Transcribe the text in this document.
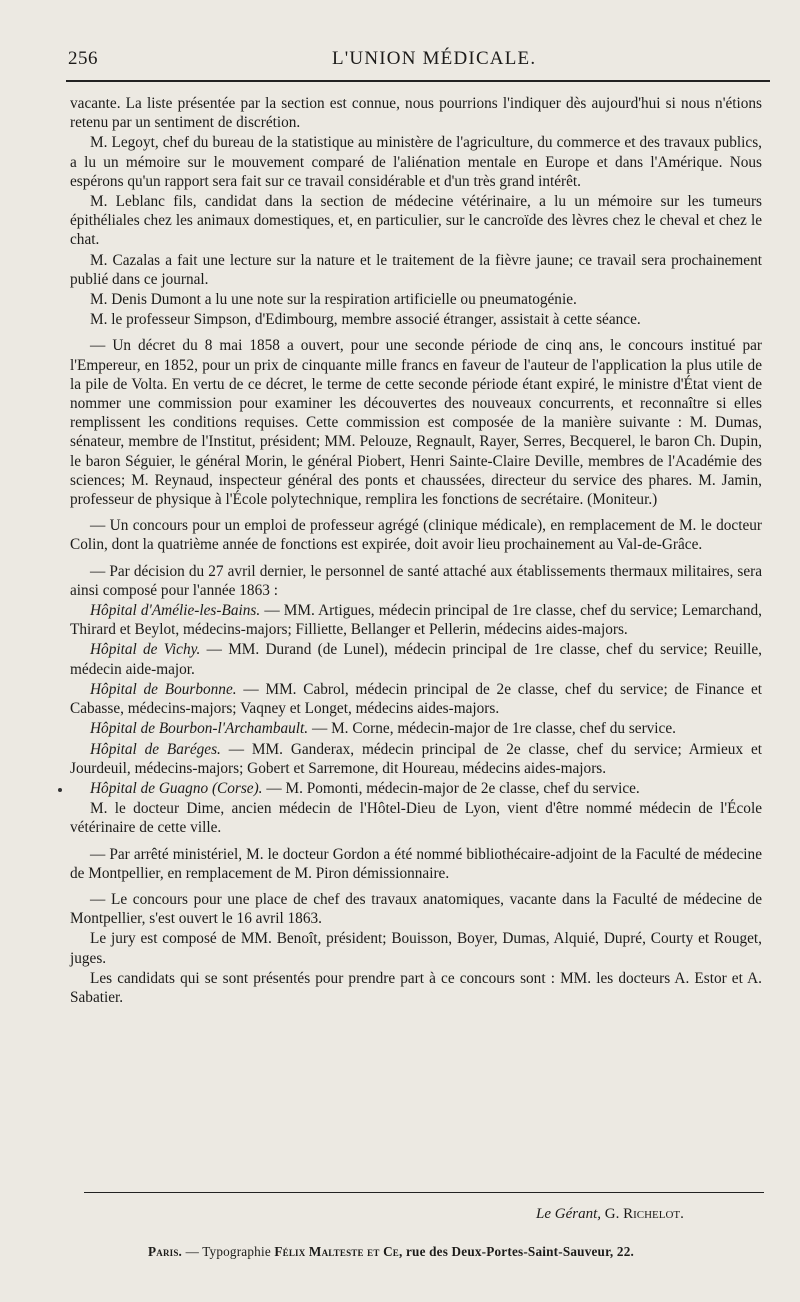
256	L'UNION MÉDICALE.

vacante. La liste présentée par la section est connue, nous pourrions l'indiquer dès aujourd'hui si nous n'étions retenu par un sentiment de discrétion.

M. Legoyt, chef du bureau de la statistique au ministère de l'agriculture, du commerce et des travaux publics, a lu un mémoire sur le mouvement comparé de l'aliénation mentale en Europe et dans l'Amérique. Nous espérons qu'un rapport sera fait sur ce travail considérable et d'un très grand intérêt.

M. Leblanc fils, candidat dans la section de médecine vétérinaire, a lu un mémoire sur les tumeurs épithéliales chez les animaux domestiques, et, en particulier, sur le cancroïde des lèvres chez le cheval et chez le chat.

M. Cazalas a fait une lecture sur la nature et le traitement de la fièvre jaune; ce travail sera prochainement publié dans ce journal.

M. Denis Dumont a lu une note sur la respiration artificielle ou pneumatogénie.

M. le professeur Simpson, d'Edimbourg, membre associé étranger, assistait à cette séance.

— Un décret du 8 mai 1858 a ouvert, pour une seconde période de cinq ans, le concours institué par l'Empereur, en 1852, pour un prix de cinquante mille francs en faveur de l'auteur de l'application la plus utile de la pile de Volta. En vertu de ce décret, le terme de cette seconde période étant expiré, le ministre d'État vient de nommer une commission pour examiner les découvertes des nouveaux concurrents, et reconnaître si elles remplissent les conditions requises. Cette commission est composée de la manière suivante : M. Dumas, sénateur, membre de l'Institut, président; MM. Pelouze, Regnault, Rayer, Serres, Becquerel, le baron Ch. Dupin, le baron Séguier, le général Morin, le général Piobert, Henri Sainte-Claire Deville, membres de l'Académie des sciences; M. Reynaud, inspecteur général des ponts et chaussées, directeur du service des phares. M. Jamin, professeur de physique à l'École polytechnique, remplira les fonctions de secrétaire. (Moniteur.)

— Un concours pour un emploi de professeur agrégé (clinique médicale), en remplacement de M. le docteur Colin, dont la quatrième année de fonctions est expirée, doit avoir lieu prochainement au Val-de-Grâce.

— Par décision du 27 avril dernier, le personnel de santé attaché aux établissements thermaux militaires, sera ainsi composé pour l'année 1863 :

Hôpital d'Amélie-les-Bains. — MM. Artigues, médecin principal de 1re classe, chef du service; Lemarchand, Thirard et Beylot, médecins-majors; Filliette, Bellanger et Pellerin, médecins aides-majors.

Hôpital de Vichy. — MM. Durand (de Lunel), médecin principal de 1re classe, chef du service; Reuille, médecin aide-major.

Hôpital de Bourbonne. — MM. Cabrol, médecin principal de 2e classe, chef du service; de Finance et Cabasse, médecins-majors; Vaqney et Longet, médecins aides-majors.

Hôpital de Bourbon-l'Archambault. — M. Corne, médecin-major de 1re classe, chef du service.

Hôpital de Baréges. — MM. Ganderax, médecin principal de 2e classe, chef du service; Armieux et Jourdeuil, médecins-majors; Gobert et Sarremone, dit Houreau, médecins aides-majors.

Hôpital de Guagno (Corse). — M. Pomonti, médecin-major de 2e classe, chef du service.

M. le docteur Dime, ancien médecin de l'Hôtel-Dieu de Lyon, vient d'être nommé médecin de l'École vétérinaire de cette ville.

— Par arrêté ministériel, M. le docteur Gordon a été nommé bibliothécaire-adjoint de la Faculté de médecine de Montpellier, en remplacement de M. Piron démissionnaire.

— Le concours pour une place de chef des travaux anatomiques, vacante dans la Faculté de médecine de Montpellier, s'est ouvert le 16 avril 1863.

Le jury est composé de MM. Benoît, président; Bouisson, Boyer, Dumas, Alquié, Dupré, Courty et Rouget, juges.

Les candidats qui se sont présentés pour prendre part à ce concours sont : MM. les docteurs A. Estor et A. Sabatier.

Le Gérant, G. Richelot.
Paris. — Typographie Félix Malteste et Ce, rue des Deux-Portes-Saint-Sauveur, 22.
